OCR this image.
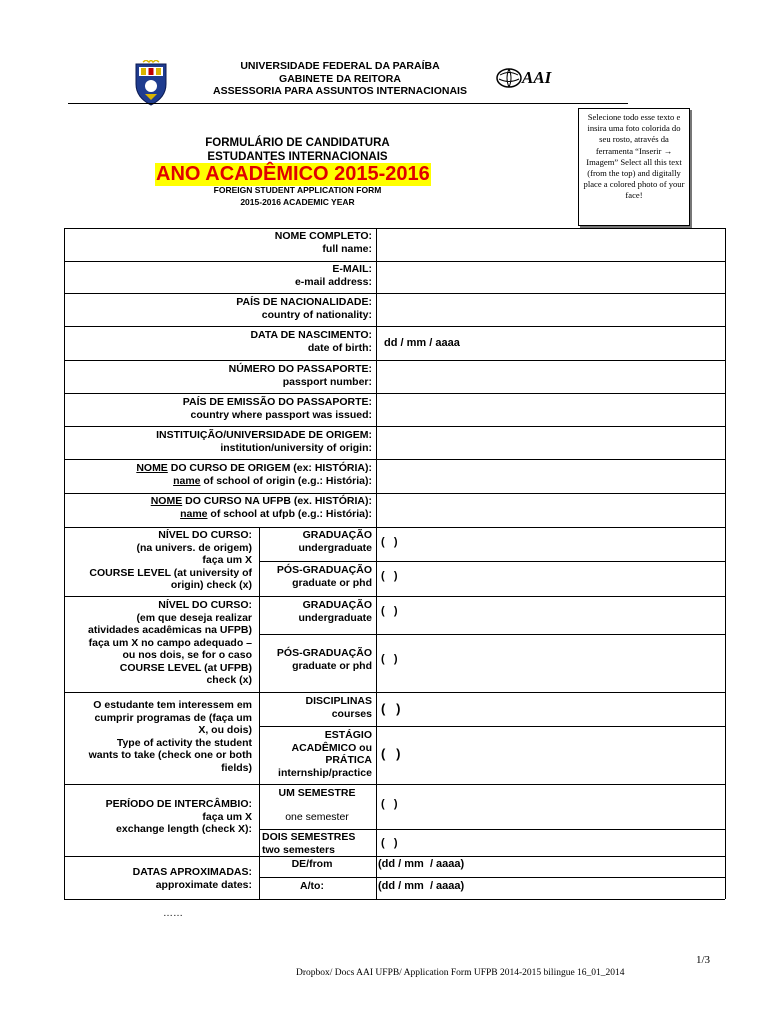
UNIVERSIDADE FEDERAL DA PARAÍBA
GABINETE DA REITORA
ASSESSORIA PARA ASSUNTOS INTERNACIONAIS
AAI
Selecione todo esse texto e insira uma foto colorida do seu rosto, através da ferramenta “Inserir → Imagem” Select all this text (from the top) and digitally place a colored photo of your face!
FORMULÁRIO DE CANDIDATURA
ESTUDANTES INTERNACIONAIS
ANO ACADÊMICO 2015-2016
FOREIGN STUDENT APPLICATION FORM
2015-2016 ACADEMIC YEAR
NOME COMPLETO:
full name:
E-MAIL:
e-mail address:
PAÍS DE NACIONALIDADE:
country of nationality:
DATA DE NASCIMENTO:
date of birth: dd / mm / aaaa
NÚMERO DO PASSAPORTE:
passport number:
PAÍS DE EMISSÃO DO PASSAPORTE:
country where passport was issued:
INSTITUIÇÃO/UNIVERSIDADE DE ORIGEM:
institution/university of origin:
NOME DO CURSO DE ORIGEM (ex: HISTÓRIA):
name of school of origin (e.g.: História):
NOME DO CURSO NA UFPB (ex. HISTÓRIA):
name of school at ufpb (e.g.: História):
NÍVEL DO CURSO:
(na univers. de origem)
faça um X
COURSE LEVEL (at university of
origin) check (x)
GRADUAÇÃO
undergraduate (   )
PÓS-GRADUAÇÃO
graduate or phd
(   )
NÍVEL DO CURSO:
(em que deseja realizar
atividades acadêmicas na UFPB)
faça um X no campo adequado –
ou nos dois, se for o caso
COURSE LEVEL (at UFPB)
check (x)
GRADUAÇÃO
undergraduate
(   )
PÓS-GRADUAÇÃO
graduate or phd
(   )
O estudante tem interessem em
cumprir programas de (faça um
X, ou dois)
Type of activity the student
wants to take (check one or both
fields)
DISCIPLINAS
courses (   )
ESTÁGIO
ACADÊMICO ou
PRÁTICA
internship/practice
(   )
PERÍODO DE INTERCÂMBIO:
faça um X
exchange length (check X):
UM SEMESTRE
one semester
(   )
DOIS SEMESTRES
two semesters
(   )
DATAS APROXIMADAS:
approximate dates:
DE/from	(dd / mm  / aaaa)
A/to:	(dd / mm  / aaaa)
……
1/3
Dropbox/ Docs AAI UFPB/ Application Form UFPB 2014-2015 bilingue 16_01_2014
